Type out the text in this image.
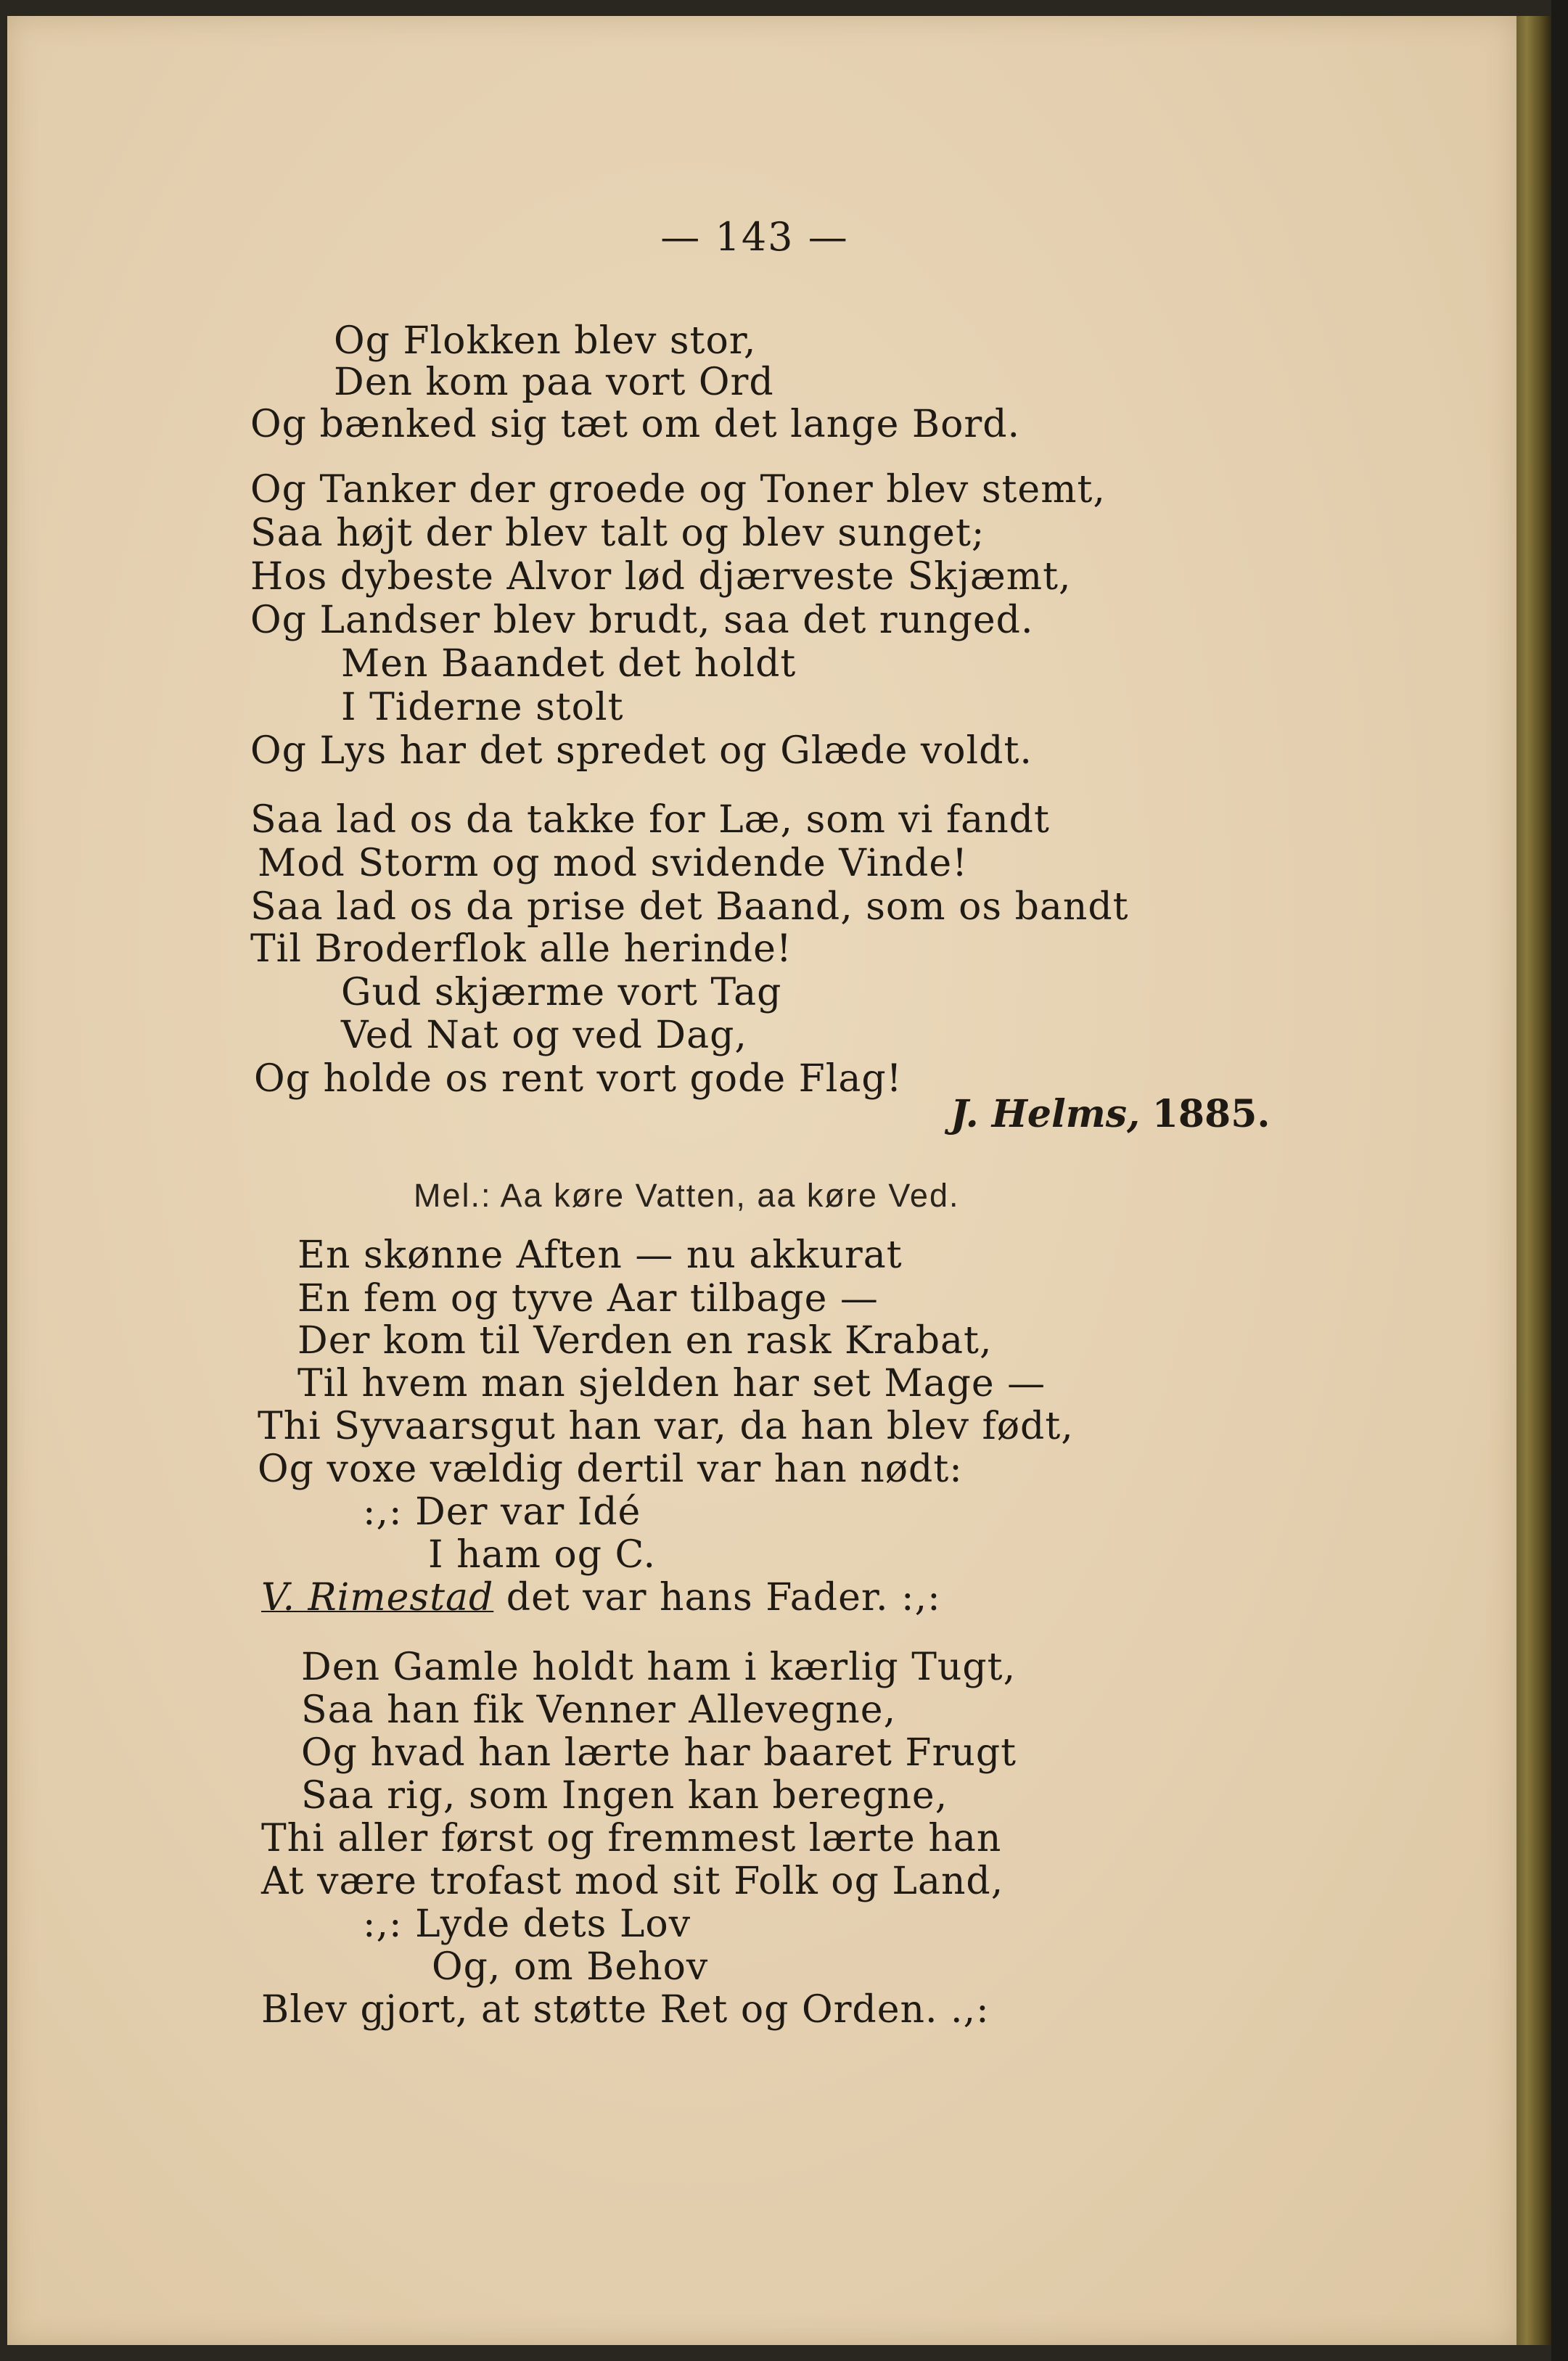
— 143 —
Og Flokken blev stor,
Den kom paa vort Ord
Og bænked sig tæt om det lange Bord.
Og Tanker der groede og Toner blev stemt,
Saa højt der blev talt og blev sunget;
Hos dybeste Alvor lød djærveste Skjæmt,
Og Landser blev brudt, saa det runged.
Men Baandet det holdt
I Tiderne stolt
Og Lys har det spredet og Glæde voldt.
Saa lad os da takke for Læ, som vi fandt
Mod Storm og mod svidende Vinde!
Saa lad os da prise det Baand, som os bandt
Til Broderflok alle herinde!
Gud skjærme vort Tag
Ved Nat og ved Dag,
Og holde os rent vort gode Flag!
J. Helms, 1885.
Mel.: Aa køre Vatten, aa køre Ved.
En skønne Aften — nu akkurat
En fem og tyve Aar tilbage —
Der kom til Verden en rask Krabat,
Til hvem man sjelden har set Mage —
Thi Syvaarsgut han var, da han blev født,
Og voxe vældig dertil var han nødt:
:,: Der var Idé
I ham og C.
V. Rimestad det var hans Fader. :,:
Den Gamle holdt ham i kærlig Tugt,
Saa han fik Venner Allevegne,
Og hvad han lærte har baaret Frugt
Saa rig, som Ingen kan beregne,
Thi aller først og fremmest lærte han
At være trofast mod sit Folk og Land,
:,: Lyde dets Lov
Og, om Behov
Blev gjort, at støtte Ret og Orden. .,:
